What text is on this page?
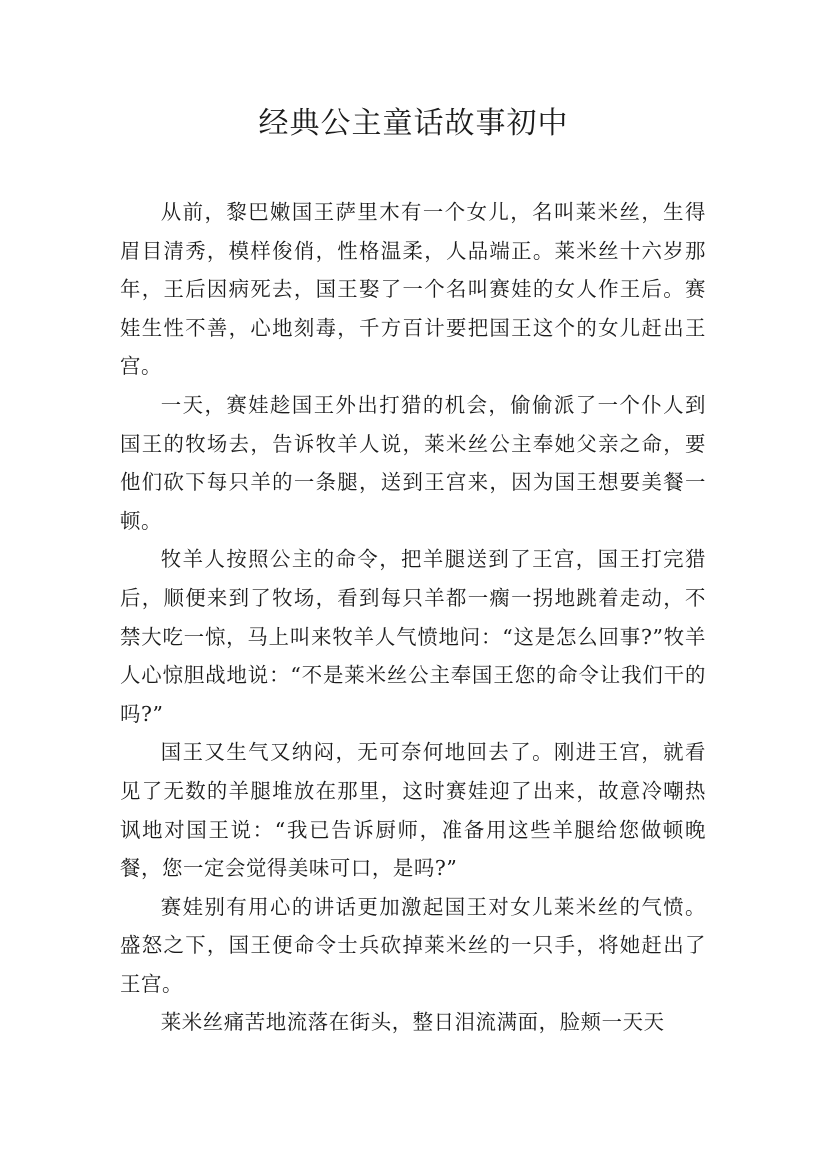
经典公主童话故事初中

从前，黎巴嫩国王萨里木有一个女儿，名叫莱米丝，生得眉目清秀，模样俊俏，性格温柔，人品端正。莱米丝十六岁那年，王后因病死去，国王娶了一个名叫赛娃的女人作王后。赛娃生性不善，心地刻毒，千方百计要把国王这个的女儿赶出王宫。

一天，赛娃趁国王外出打猎的机会，偷偷派了一个仆人到国王的牧场去，告诉牧羊人说，莱米丝公主奉她父亲之命，要他们砍下每只羊的一条腿，送到王宫来，因为国王想要美餐一顿。

牧羊人按照公主的命令，把羊腿送到了王宫，国王打完猎后，顺便来到了牧场，看到每只羊都一瘸一拐地跳着走动，不禁大吃一惊，马上叫来牧羊人气愤地问：“这是怎么回事?”牧羊人心惊胆战地说：“不是莱米丝公主奉国王您的命令让我们干的吗?”

国王又生气又纳闷，无可奈何地回去了。刚进王宫，就看见了无数的羊腿堆放在那里，这时赛娃迎了出来，故意冷嘲热讽地对国王说：“我已告诉厨师，准备用这些羊腿给您做顿晚餐，您一定会觉得美味可口，是吗?”

赛娃别有用心的讲话更加激起国王对女儿莱米丝的气愤。盛怒之下，国王便命令士兵砍掉莱米丝的一只手，将她赶出了王宫。

莱米丝痛苦地流落在街头，整日泪流满面，脸颊一天天
